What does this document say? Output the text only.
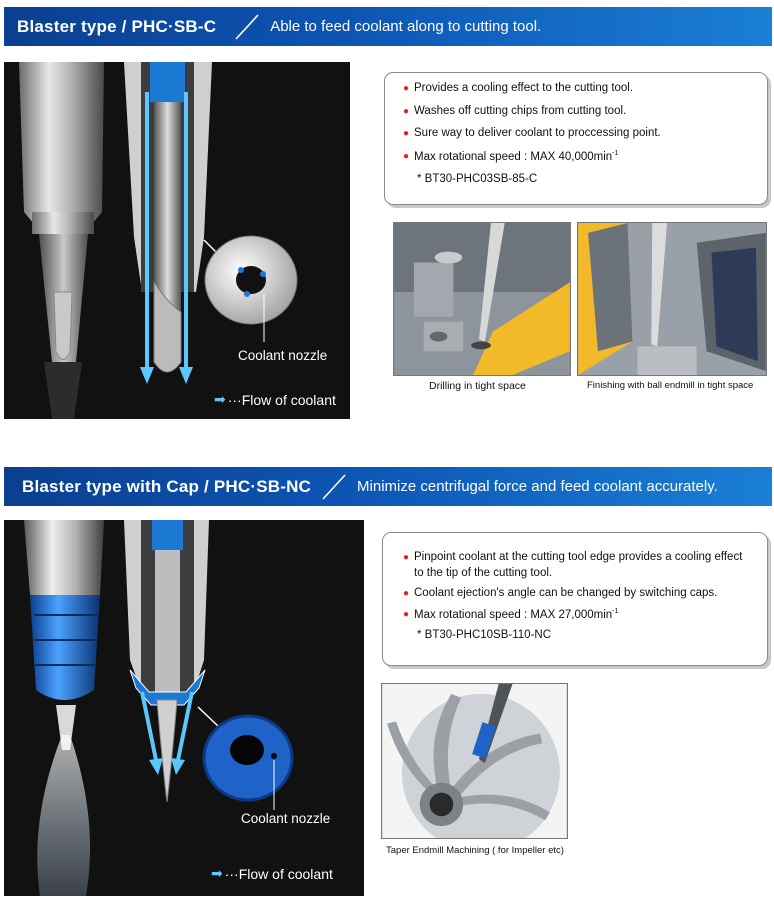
Blaster type / PHC·SB-C	Able to feed coolant along to cutting tool.
Coolant nozzle
➡ ···Flow of coolant
● Provides a cooling effect to the cutting tool.
● Washes off cutting chips from cutting tool.
● Sure way to deliver coolant to proccessing point.
● Max rotational speed : MAX $40,000\min^{-1}$
* BT30-PHC03SB-85-C
Drilling in tight space	Finishing with ball endmill in tight space
Blaster type with Cap / PHC·SB-NC	Minimize centrifugal force and feed coolant accurately.
Coolant nozzle
➡ ···Flow of coolant
● Pinpoint coolant at the cutting tool edge provides a cooling effect
to the tip of the cutting tool.
● Coolant ejection's angle can be changed by switching caps.
● Max rotational speed : MAX $27,000\min^{-1}$
* BT30-PHC10SB-110-NC
Taper Endmill Machining ( for Impeller etc)
